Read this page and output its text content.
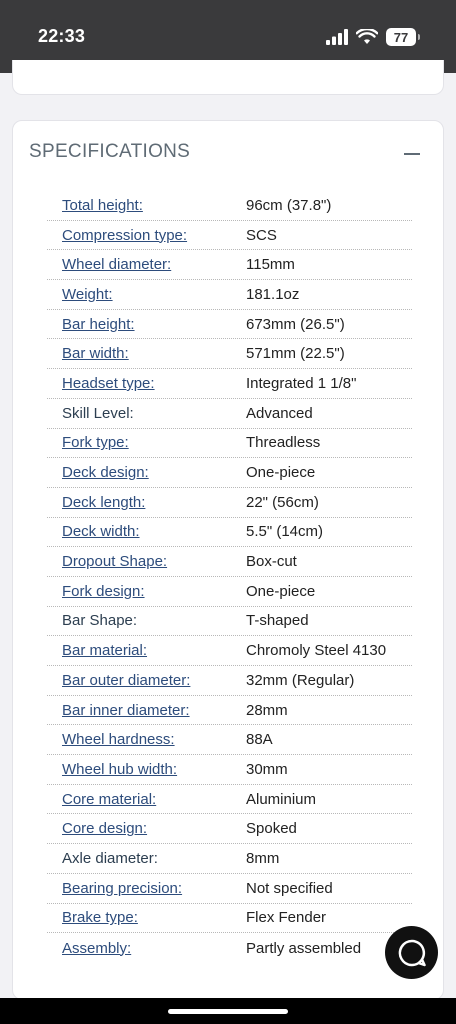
22:33	77
SPECIFICATIONS
Total height:	96cm (37.8")
Compression type:	SCS
Wheel diameter:	115mm
Weight:	181.1oz
Bar height:	673mm (26.5")
Bar width:	571mm (22.5")
Headset type:	Integrated 1 1/8"
Skill Level:	Advanced
Fork type:	Threadless
Deck design:	One-piece
Deck length:	22" (56cm)
Deck width:	5.5" (14cm)
Dropout Shape:	Box-cut
Fork design:	One-piece
Bar Shape:	T-shaped
Bar material:	Chromoly Steel 4130
Bar outer diameter:	32mm (Regular)
Bar inner diameter:	28mm
Wheel hardness:	88A
Wheel hub width:	30mm
Core material:	Aluminium
Core design:	Spoked
Axle diameter:	8mm
Bearing precision:	Not specified
Brake type:	Flex Fender
Assembly:	Partly assembled
